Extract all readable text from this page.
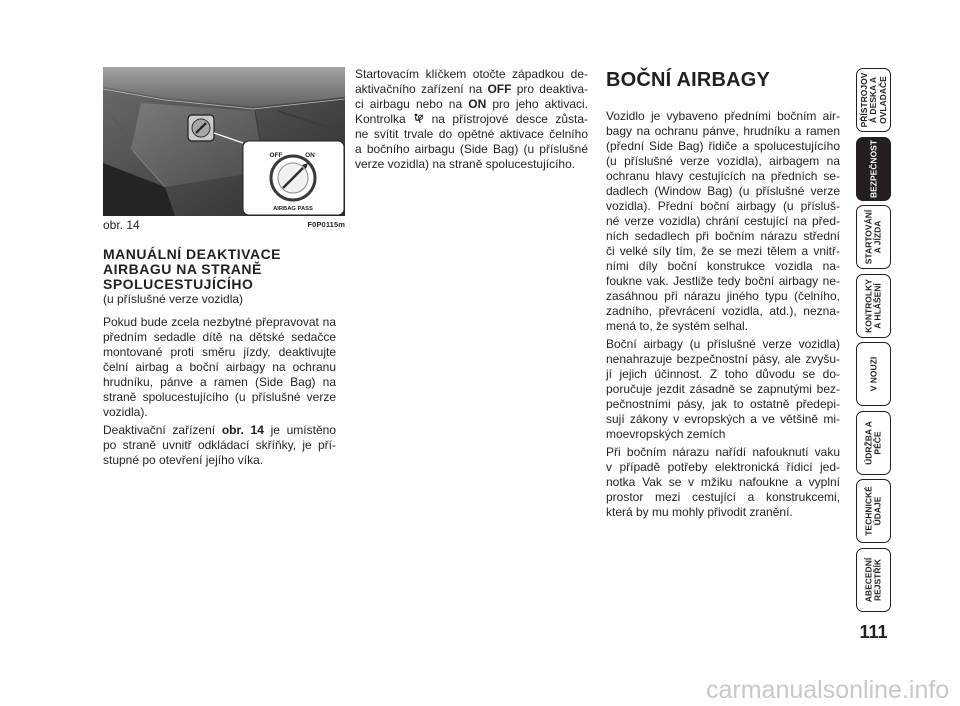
OFF	ON
AIRBAG PASS
obr. 14	F0P0115m
MANUÁLNÍ DEAKTIVACE
AIRBAGU NA STRANĚ
SPOLUCESTUJÍCÍHO
(u příslušné verze vozidla)
Pokud bude zcela nezbytné přepravovat na
předním sedadle dítě na dětské sedačce
montované proti směru jízdy, deaktivujte
čelní airbag a boční airbagy na ochranu
hrudníku, pánve a ramen (Side Bag) na
straně spolucestujícího (u příslušné verze
vozidla).
Deaktivační zařízení obr. 14 je umístěno
po straně uvnitř odkládací skříňky, je pří-
stupné po otevření jejího víka.
Startovacím klíčkem otočte západkou de-
aktivačního zařízení na OFF pro deaktiva-
ci airbagu nebo na ON pro jeho aktivaci.
Kontrolka
na přístrojové desce zůsta-
ne svítit trvale do opětné aktivace čelního
a bočního airbagu (Side Bag) (u příslušné
verze vozidla) na straně spolucestujícího.
BOČNÍ AIRBAGY
Vozidlo je vybaveno předními bočním air-
bagy na ochranu pánve, hrudníku a ramen
(přední Side Bag) řidiče a spolucestujícího
(u příslušné verze vozidla), airbagem na
ochranu hlavy cestujících na předních se-
dadlech (Window Bag) (u příslušné verze
vozidla). Přední boční airbagy (u přísluš-
né verze vozidla) chrání cestující na před-
ních sedadlech při bočním nárazu střední
či velké síly tím, že se mezi tělem a vnitř-
ními díly boční konstrukce vozidla na-
foukne vak. Jestliže tedy boční airbagy ne-
zasáhnou při nárazu jiného typu (čelního,
zadního, převrácení vozidla, atd.), nezna-
mená to, že systém selhal.
Boční airbagy (u příslušné verze vozidla)
nenahrazuje bezpečnostní pásy, ale zvyšu-
jí jejich účinnost. Z toho důvodu se do-
poručuje jezdit zásadně se zapnutými bez-
pečnostními pásy, jak to ostatně předepi-
sují zákony v evropských a ve většině mi-
moevropských zemích
Při bočním nárazu nařídí nafouknutí vaku
v případě potřeby elektronická řídicí jed-
notka Vak se v mžiku nafoukne a vyplní
prostor mezi cestující a konstrukcemi,
která by mu mohly přivodit zranění.
PŘÍSTROJOV Á DESKA A OVLADAČE
BEZPEČNOST
STARTOVÁNÍ A JÍZDA
KONTROLKY A HLÁŠENÍ
V NOUZI
ÚDRŽBA A PÉČE
TECHNICKÉ ÚDAJE
ABECEDNÍ REJSTŘÍK
111
carmanualsonline.info
